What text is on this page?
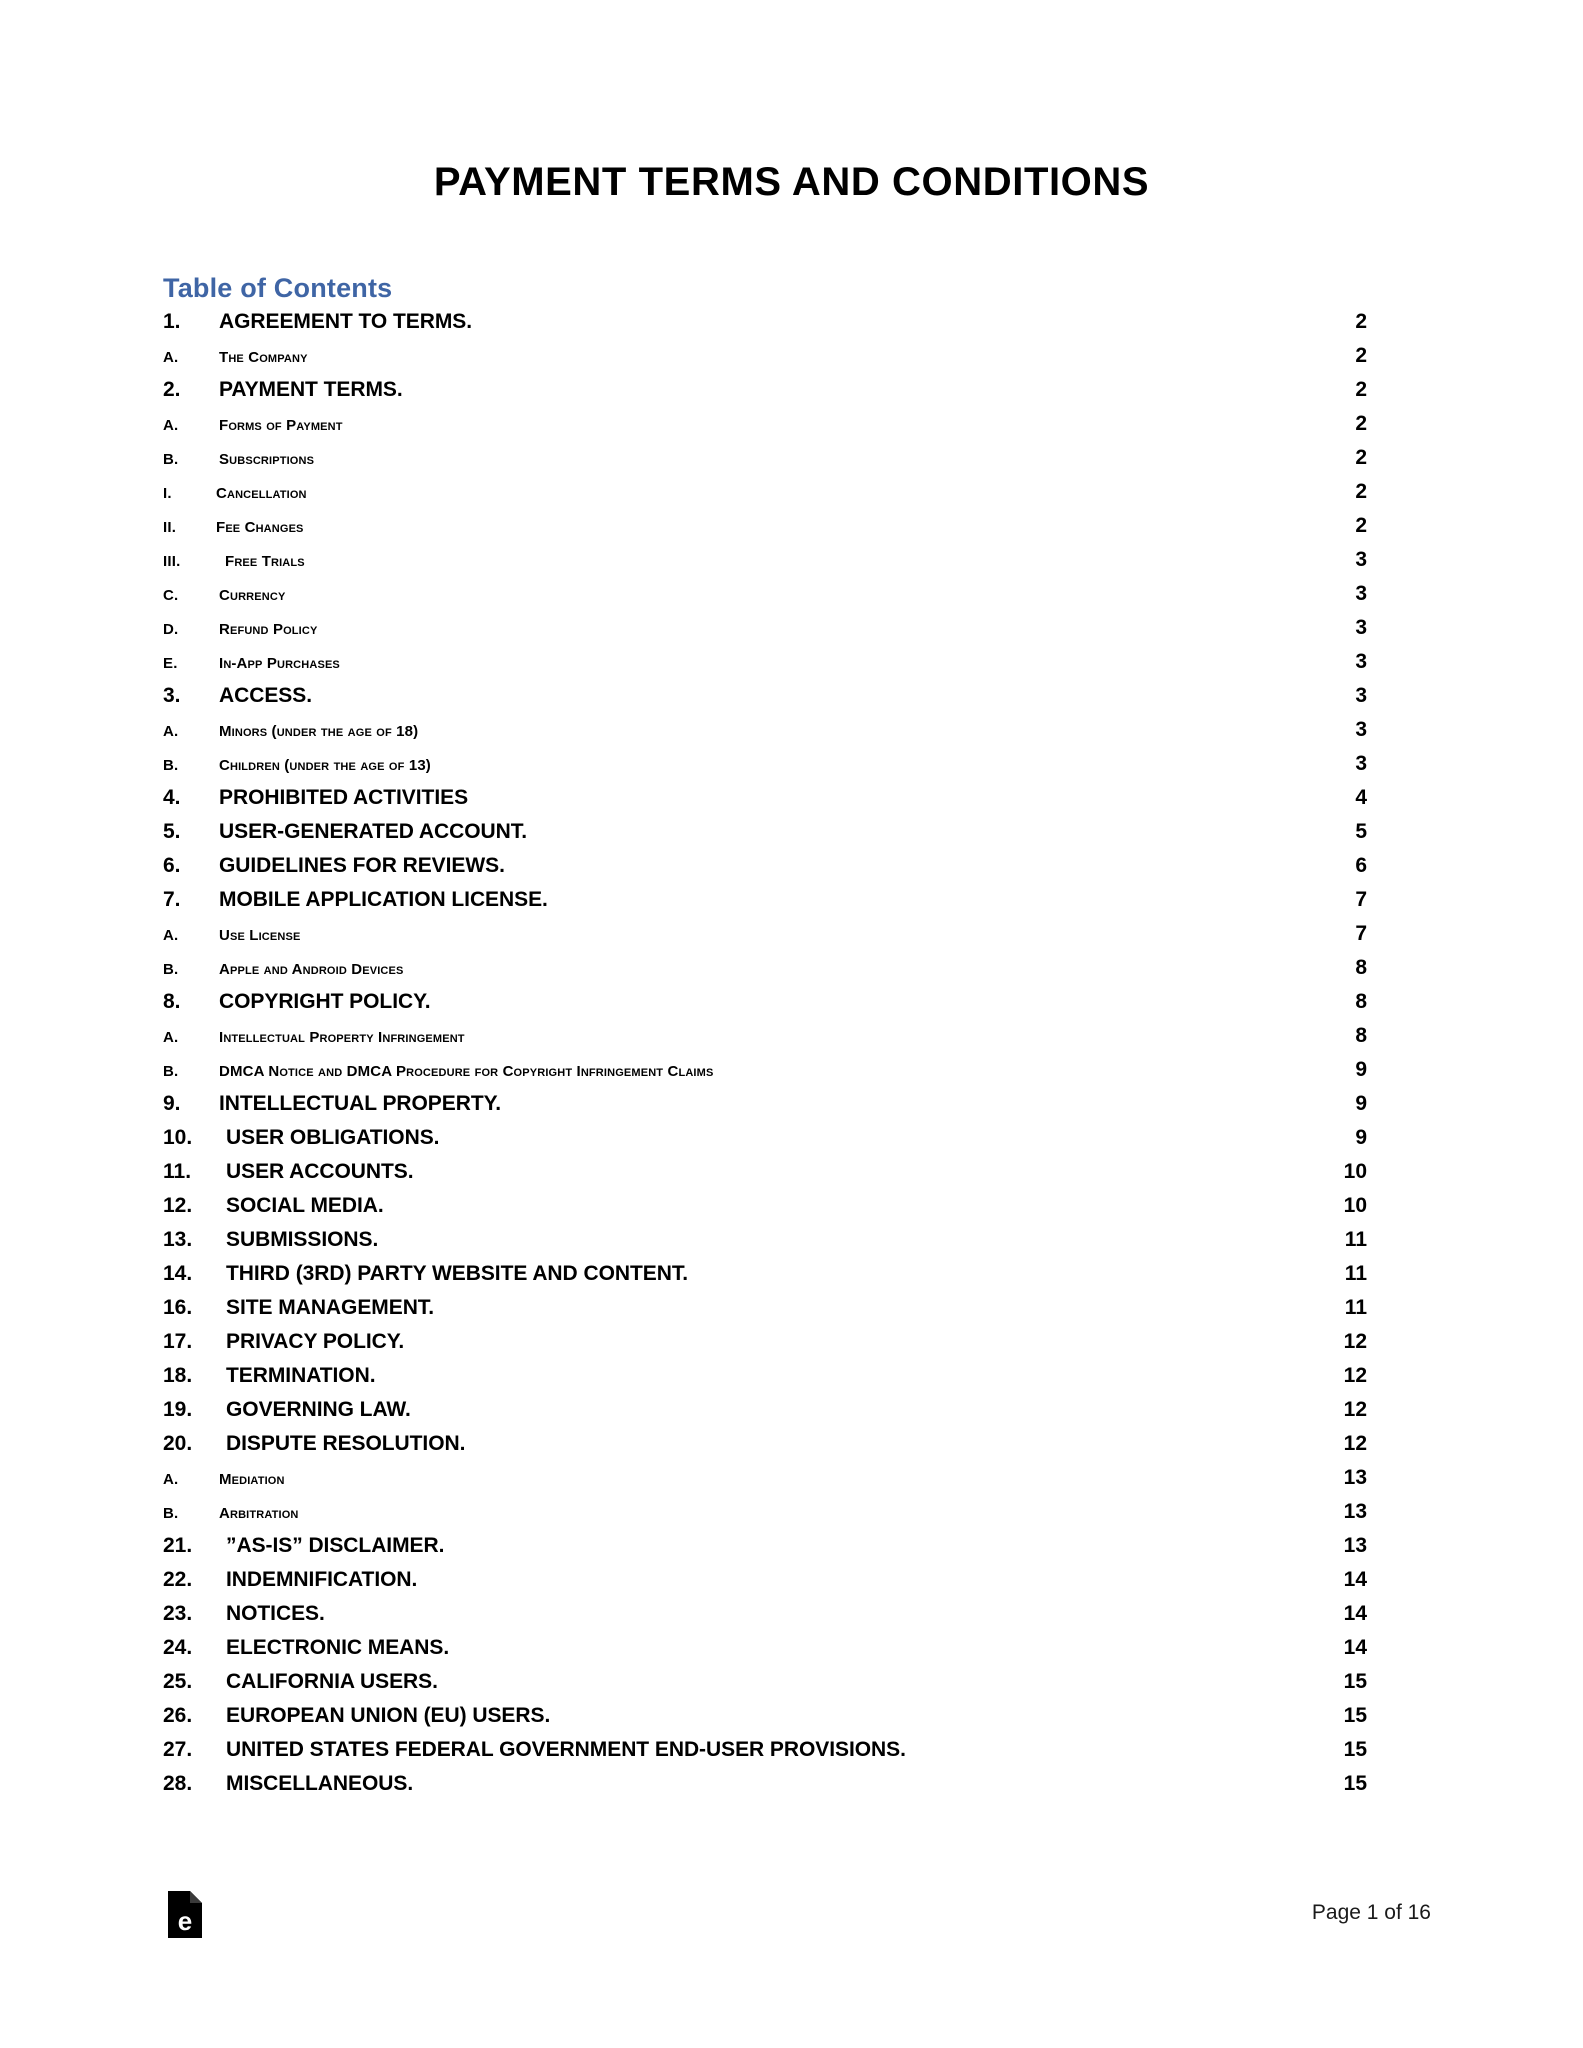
PAYMENT TERMS AND CONDITIONS
Table of Contents
1.	AGREEMENT TO TERMS.	2
A.	The Company	2
2.	PAYMENT TERMS.	2
A.	Forms of Payment	2
B.	Subscriptions	2
I.	Cancellation	2
II.	Fee Changes	2
III.	Free Trials	3
C.	Currency	3
D.	Refund Policy	3
E.	In-App Purchases	3
3.	ACCESS.	3
A.	Minors (under the age of 18)	3
B.	Children (under the age of 13)	3
4.	PROHIBITED ACTIVITIES	4
5.	USER-GENERATED ACCOUNT.	5
6.	GUIDELINES FOR REVIEWS.	6
7.	MOBILE APPLICATION LICENSE.	7
A.	Use License	7
B.	Apple and Android Devices	8
8.	COPYRIGHT POLICY.	8
A.	Intellectual Property Infringement	8
B.	DMCA Notice and DMCA Procedure for Copyright Infringement Claims	9
9.	INTELLECTUAL PROPERTY.	9
10.	USER OBLIGATIONS.	9
11.	USER ACCOUNTS.	10
12.	SOCIAL MEDIA.	10
13.	SUBMISSIONS.	11
14.	THIRD (3RD) PARTY WEBSITE AND CONTENT.	11
16.	SITE MANAGEMENT.	11
17.	PRIVACY POLICY.	12
18.	TERMINATION.	12
19.	GOVERNING LAW.	12
20.	DISPUTE RESOLUTION.	12
A.	Mediation	13
B.	Arbitration	13
21.	”AS-IS” DISCLAIMER.	13
22.	INDEMNIFICATION.	14
23.	NOTICES.	14
24.	ELECTRONIC MEANS.	14
25.	CALIFORNIA USERS.	15
26.	EUROPEAN UNION (EU) USERS.	15
27.	UNITED STATES FEDERAL GOVERNMENT END-USER PROVISIONS.	15
28.	MISCELLANEOUS.	15
e	Page 1 of 16
